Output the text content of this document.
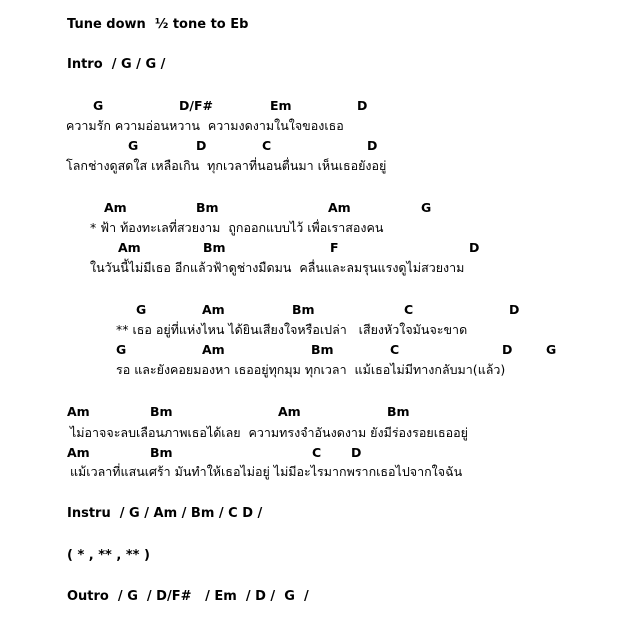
Tune down  ½ tone to Eb
Intro  / G / G /
G	D/F#	Em	D
ความรัก ความอ่อนหวาน  ความงดงามในใจของเธอ
G	D	C	D
โลกช่างดูสดใส เหลือเกิน  ทุกเวลาที่นอนตื่นมา เห็นเธอยังอยู่
Am	Bm	Am	G
* ฟ้า ท้องทะเลที่สวยงาม  ถูกออกแบบไว้ เพื่อเราสองคน
Am	Bm	F	D
ในวันนี้ไม่มีเธอ อีกแล้วฟ้าดูช่างมืดมน  คลื่นและลมรุนแรงดูไม่สวยงาม
G	Am	Bm	C	D
** เธอ อยู่ที่แห่งไหน ได้ยินเสียงใจหรือเปล่า   เสียงหัวใจมันจะขาด
G	Am	Bm	C	D	G
รอ และยังคอยมองหา เธออยู่ทุกมุม ทุกเวลา  แม้เธอไม่มีทางกลับมา(แล้ว)
Am	Bm	Am	Bm
ไม่อาจจะลบเลือนภาพเธอได้เลย  ความทรงจำอันงดงาม ยังมีร่องรอยเธออยู่
Am	Bm	C D
แม้เวลาที่แสนเศร้า มันทำให้เธอไม่อยู่ ไม่มีอะไรมากพรากเธอไปจากใจฉัน
Instru  / G / Am / Bm / C D /
( * , ** , ** )
Outro  / G  / D/F#   / Em  / D /  G  /
